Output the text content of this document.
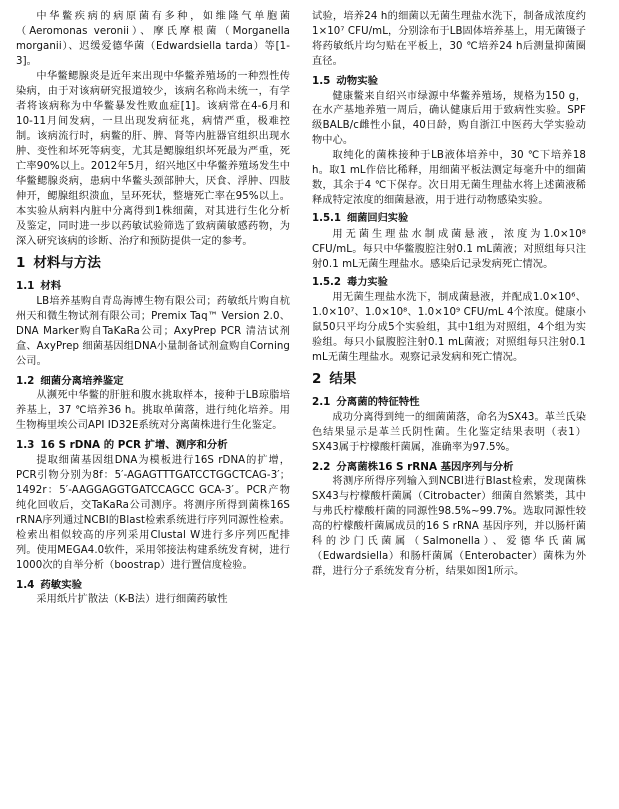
中华鳖疾病的病原菌有多种，如维隆气单胞菌（Aeromonas veronii）、摩氏摩根菌（Morganella morganii）、迟缓爱德华菌（Edwardsiella tarda）等[1-3]。

中华鳖鳃腺炎是近年来出现中华鳖养殖场的一种烈性传染病，由于对该病研究报道较少，该病名称尚未统一，有学者将该病称为中华鳖暴发性败血症[1]。该病常在4-6月和10-11月间发病，一旦出现发病征兆，病情严重，极难控制。该病流行时，病鳖的肝、脾、肾等内脏器官组织出现水肿、变性和坏死等病变，尤其是鳃腺组织坏死最为严重，死亡率90%以上。2012年5月，绍兴地区中华鳖养殖场发生中华鳖鳃腺炎病，患病中华鳖头颈部肿大，厌食、浮肿、四肢伸开，鳃腺组织溃血，呈环死状，整塘死亡率在95%以上。本实验从病料内脏中分离得到1株细菌，对其进行生化分析及鉴定，同时进一步以药敏试验筛选了致病菌敏感药物，为深入研究该病的诊断、治疗和预防提供一定的参考。

1 材料与方法
1.1 材料

LB培养基购自青岛海博生物有限公司；药敏纸片购自杭州天和微生物试剂有限公司；Premix Taq™ Version 2.0、DNA Marker购自TaKaRa公司；AxyPrep PCR 清洁试剂盒、AxyPrep 细菌基因组DNA小量制备试剂盒购自Corning公司。

1.2 细菌分离培养鉴定

从濒死中华鳖的肝脏和腹水挑取样本，接种于LB琼脂培养基上，37 ℃培养36 h。挑取单菌落，进行纯化培养。用生物梅里埃公司API ID32E系统对分离菌株进行生化鉴定。

1.3 16 S rDNA 的 PCR 扩增、测序和分析

提取细菌基因组DNA为模板进行16S rDNA的扩增，PCR引物分别为8f：5′-AGAGTTTGATCCTGGCTCAG-3′；1492r：5′-AAGGAGGTGATCCAGCC GCA-3′。PCR产物纯化回收后，交TaKaRa公司测序。将测序所得到菌株16S rRNA序列通过NCBI的Blast检索系统进行序列同源性检索。检索出相似较高的序列采用Clustal W进行多序列匹配排列。使用MEGA4.0软件，采用邻接法构建系统发育树，进行1000次的自举分析（boostrap）进行置信度检验。

1.4 药敏实验

采用纸片扩散法（K-B法）进行细菌药敏性

试验，培养24 h的细菌以无菌生理盐水洗下，制备成浓度约1×10⁷ CFU/mL，分别涂布于LB固体培养基上，用无菌镊子将药敏纸片均匀贴在平板上，30 ℃培养24 h后测量抑菌圈直径。

1.5 动物实验

健康鳖来自绍兴市绿源中华鳖养殖场，规格为150 g，在水产基地养殖一周后，确认健康后用于致病性实验。SPF级BALB/c雌性小鼠，40日龄，购自浙江中医药大学实验动物中心。

取纯化的菌株接种于LB液体培养中，30 ℃下培养18 h。取1 mL作倍比稀释，用细菌平板法测定每毫升中的细菌数，其余于4 ℃下保存。次日用无菌生理盐水将上述菌液稀释成特定浓度的细菌悬液，用于进行动物感染实验。

1.5.1 细菌回归实验

用无菌生理盐水制成菌悬液，浓度为1.0×10⁸ CFU/mL。每只中华鳖腹腔注射0.1 mL菌液；对照组每只注射0.1 mL无菌生理盐水。感染后记录发病死亡情况。

1.5.2 毒力实验

用无菌生理盐水洗下，制成菌悬液，并配成1.0×10⁶、1.0×10⁷、1.0×10⁸、1.0×10⁹ CFU/mL 4个浓度。健康小鼠50只平均分成5个实验组，其中1组为对照组，4个组为实验组。每只小鼠腹腔注射0.1 mL菌液；对照组每只注射0.1 mL无菌生理盐水。观察记录发病和死亡情况。

2 结果
2.1 分离菌的特征特性

成功分离得到纯一的细菌菌落，命名为SX43。革兰氏染色结果显示是革兰氏阴性菌。生化鉴定结果表明（表1）SX43属于柠檬酸杆菌属，准确率为97.5%。

2.2 分离菌株16 S rRNA 基因序列与分析

将测序所得序列输入到NCBI进行Blast检索，发现菌株SX43与柠檬酸杆菌属（Citrobacter）细菌自然繁类，其中与弗氏柠檬酸杆菌的同源性98.5%~99.7%。选取同源性较高的柠檬酸杆菌属成员的16 S rRNA 基因序列，并以肠杆菌科的沙门氏菌属（Salmonella）、爱德华氏菌属（Edwardsiella）和肠杆菌属（Enterobacter）菌株为外群，进行分子系统发育分析，结果如图1所示。
